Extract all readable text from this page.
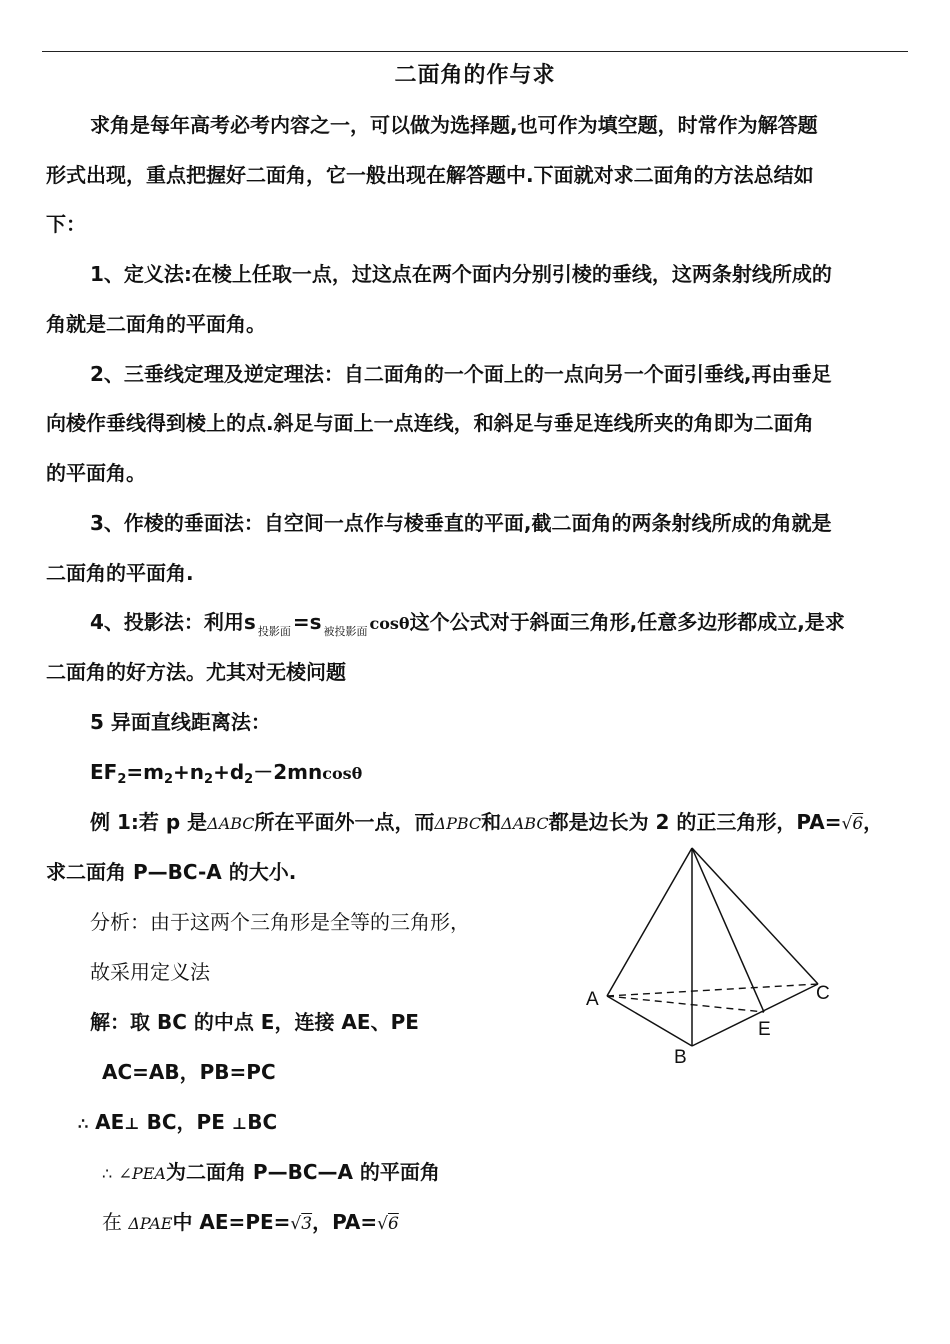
二面角的作与求
求角是每年高考必考内容之一，可以做为选择题,也可作为填空题，时常作为解答题
形式出现，重点把握好二面角，它一般出现在解答题中.下面就对求二面角的方法总结如
下：
1、定义法:在棱上任取一点，过这点在两个面内分别引棱的垂线，这两条射线所成的
角就是二面角的平面角。
2、三垂线定理及逆定理法：自二面角的一个面上的一点向另一个面引垂线,再由垂足
向棱作垂线得到棱上的点.斜足与面上一点连线，和斜足与垂足连线所夹的角即为二面角
的平面角。
3、作棱的垂面法：自空间一点作与棱垂直的平面,截二面角的两条射线所成的角就是
二面角的平面角.
4、投影法：利用s $_{投影面}$ =s $_{被投影面}$ cosθ这个公式对于斜面三角形,任意多边形都成立,是求
二面角的好方法。尤其对无棱问题
5 异面直线距离法：
$EF_2=m_2+n_2+d_2-2mncos\theta$
例 1:若 p 是ΔABC所在平面外一点，而ΔPBC和ΔABC都是边长为 2 的正三角形，PA=√6，
求二面角 P—BC-A 的大小.
分析：由于这两个三角形是全等的三角形，
故采用定义法
解：取 BC 的中点 E，连接 AE、PE
AC=AB，PB=PC
∴ AE⊥ BC，PE ⊥BC
∴ ∠PEA为二面角 P—BC—A 的平面角
在 ΔPAE中 AE=PE=√3，PA=√6
A
B
C
E
